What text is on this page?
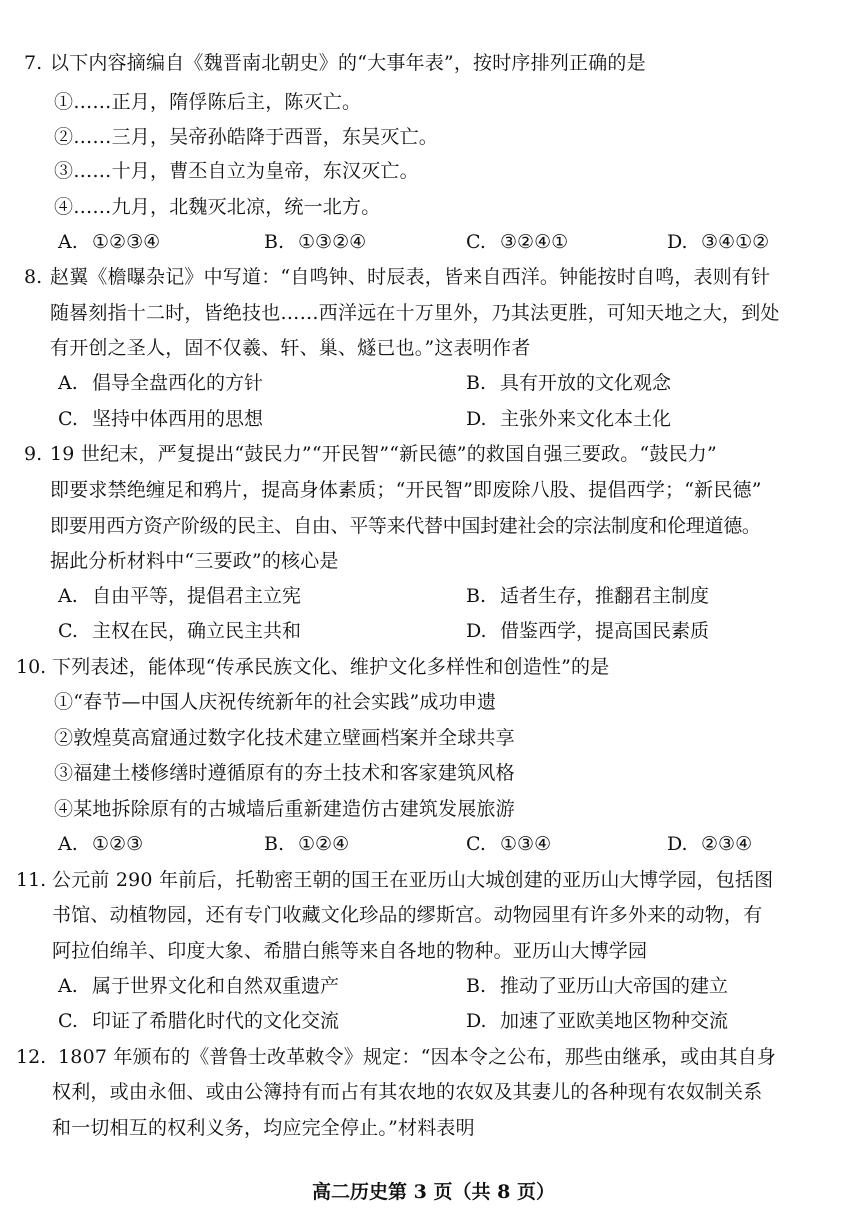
7. 以下内容摘编自《魏晋南北朝史》的“大事年表”，按时序排列正确的是
①……正月，隋俘陈后主，陈灭亡。
②……三月，吴帝孙皓降于西晋，东吴灭亡。
③……十月，曹丕自立为皇帝，东汉灭亡。
④……九月，北魏灭北凉，统一北方。
A. ①②③④	B. ①③②④	C. ③②④①	D. ③④①②
8. 赵翼《檐曝杂记》中写道：“自鸣钟、时辰表，皆来自西洋。钟能按时自鸣，表则有针
随晷刻指十二时，皆绝技也……西洋远在十万里外，乃其法更胜，可知天地之大，到处
有开创之圣人，固不仅羲、轩、巢、燧已也。”这表明作者
A. 倡导全盘西化的方针	B. 具有开放的文化观念
C. 坚持中体西用的思想	D. 主张外来文化本土化
9. 19 世纪末，严复提出“鼓民力”“开民智”“新民德”的救国自强三要政。“鼓民力”
即要求禁绝缠足和鸦片，提高身体素质；“开民智”即废除八股、提倡西学；“新民德”
即要用西方资产阶级的民主、自由、平等来代替中国封建社会的宗法制度和伦理道德。
据此分析材料中“三要政”的核心是
A. 自由平等，提倡君主立宪	B. 适者生存，推翻君主制度
C. 主权在民，确立民主共和	D. 借鉴西学，提高国民素质
10. 下列表述，能体现“传承民族文化、维护文化多样性和创造性”的是
①“春节—中国人庆祝传统新年的社会实践”成功申遗
②敦煌莫高窟通过数字化技术建立壁画档案并全球共享
③福建土楼修缮时遵循原有的夯土技术和客家建筑风格
④某地拆除原有的古城墙后重新建造仿古建筑发展旅游
A. ①②③	B. ①②④	C. ①③④	D. ②③④
11. 公元前 290 年前后，托勒密王朝的国王在亚历山大城创建的亚历山大博学园，包括图
书馆、动植物园，还有专门收藏文化珍品的缪斯宫。动物园里有许多外来的动物，有
阿拉伯绵羊、印度大象、希腊白熊等来自各地的物种。亚历山大博学园
A. 属于世界文化和自然双重遗产	B. 推动了亚历山大帝国的建立
C. 印证了希腊化时代的文化交流	D. 加速了亚欧美地区物种交流
12. 1807 年颁布的《普鲁士改革敕令》规定：“因本令之公布，那些由继承，或由其自身
权利，或由永佃、或由公簿持有而占有其农地的农奴及其妻儿的各种现有农奴制关系
和一切相互的权利义务，均应完全停止。”材料表明
高二历史第 3 页（共 8 页）
